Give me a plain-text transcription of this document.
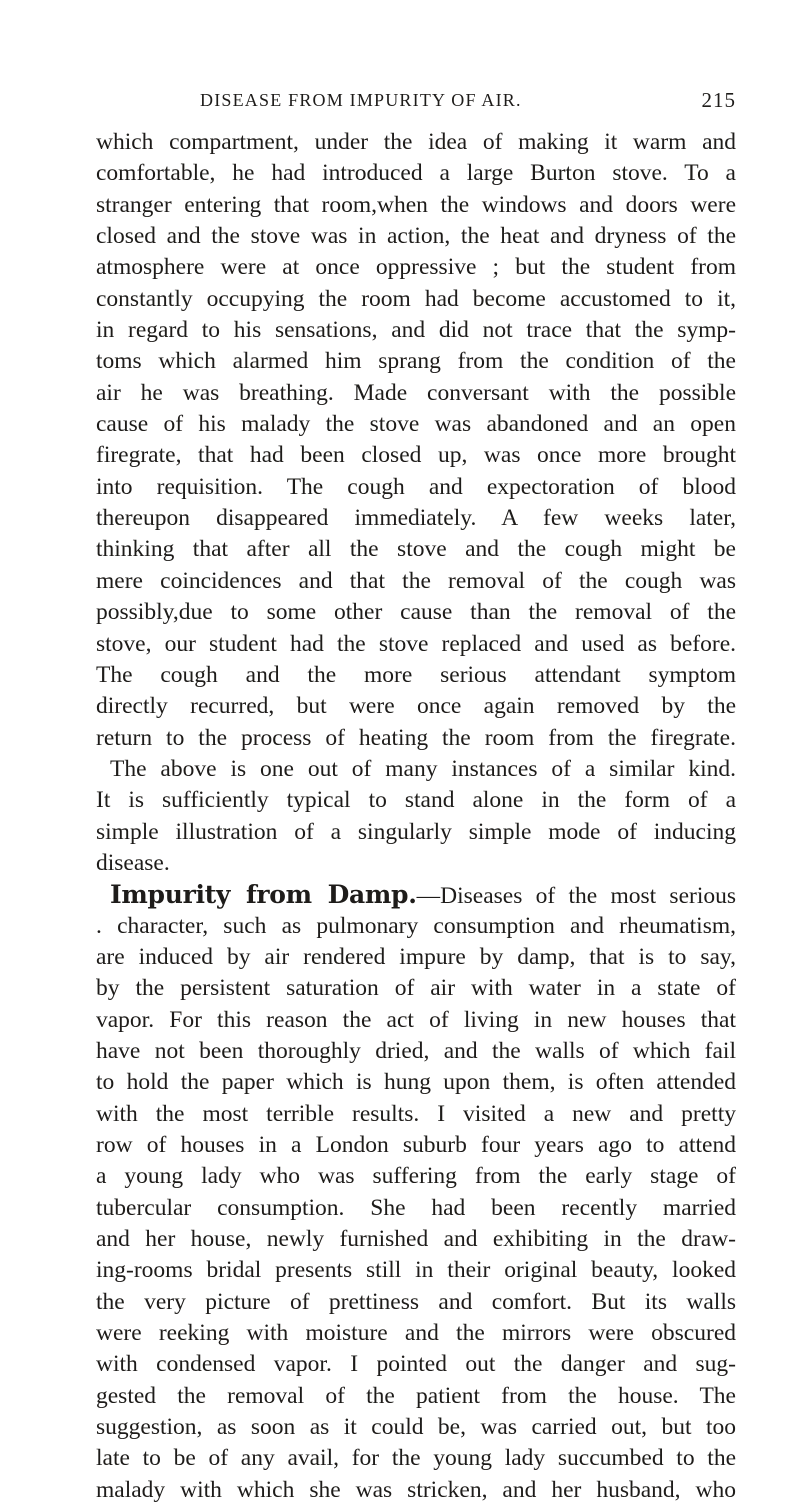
DISEASE FROM IMPURITY OF AIR.	215
which compartment, under the idea of making it warm and
comfortable, he had introduced a large Burton stove. To a
stranger entering that room,when the windows and doors were
closed and the stove was in action, the heat and dryness of the
atmosphere were at once oppressive ; but the student from
constantly occupying the room had become accustomed to it,
in regard to his sensations, and did not trace that the symp-
toms which alarmed him sprang from the condition of the
air he was breathing. Made conversant with the possible
cause of his malady the stove was abandoned and an open
firegrate, that had been closed up, was once more brought
into requisition. The cough and expectoration of blood
thereupon disappeared immediately. A few weeks later,
thinking that after all the stove and the cough might be
mere coincidences and that the removal of the cough was
possibly,due to some other cause than the removal of the
stove, our student had the stove replaced and used as before.
The cough and the more serious attendant symptom
directly recurred, but were once again removed by the
return to the process of heating the room from the firegrate.
The above is one out of many instances of a similar kind.
It is sufficiently typical to stand alone in the form of a
simple illustration of a singularly simple mode of inducing
disease.
Impurity from Damp.—Diseases of the most serious
. character, such as pulmonary consumption and rheumatism,
are induced by air rendered impure by damp, that is to say,
by the persistent saturation of air with water in a state of
vapor. For this reason the act of living in new houses that
have not been thoroughly dried, and the walls of which fail
to hold the paper which is hung upon them, is often attended
with the most terrible results. I visited a new and pretty
row of houses in a London suburb four years ago to attend
a young lady who was suffering from the early stage of
tubercular consumption. She had been recently married
and her house, newly furnished and exhibiting in the draw-
ing-rooms bridal presents still in their original beauty, looked
the very picture of prettiness and comfort. But its walls
were reeking with moisture and the mirrors were obscured
with condensed vapor. I pointed out the danger and sug-
gested the removal of the patient from the house. The
suggestion, as soon as it could be, was carried out, but too
late to be of any avail, for the young lady succumbed to the
malady with which she was stricken, and her husband, who
